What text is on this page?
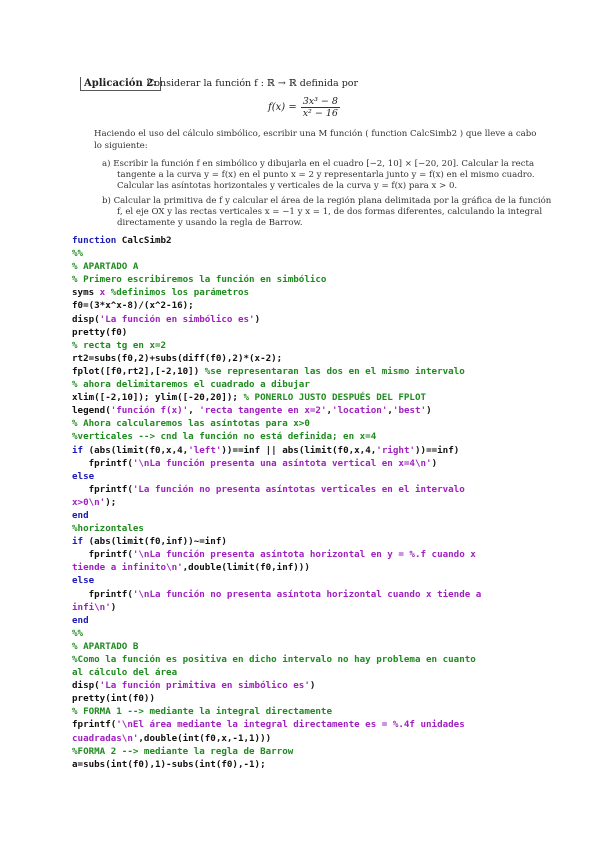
Aplicación 2:
Considerar la función f : ℝ → ℝ definida por
$f(x) = \frac{\text{3x³ − 8}}{\text{x² − 16}}$
Haciendo el uso del cálculo simbólico, escribir una M función ( function CalcSimb2 ) que lleve a cabo
lo siguiente:
a) Escribir la función f en simbólico y dibujarla en el cuadro [−2, 10] × [−20, 20]. Calcular la recta
tangente a la curva y = f(x) en el punto x = 2 y representarla junto y = f(x) en el mismo cuadro.
Calcular las asíntotas horizontales y verticales de la curva y = f(x) para x > 0.
b) Calcular la primitiva de f y calcular el área de la región plana delimitada por la gráfica de la función
f, el eje OX y las rectas verticales x = −1 y x = 1, de dos formas diferentes, calculando la integral
directamente y usando la regla de Barrow.
function CalcSimb2
%%
% APARTADO A
% Primero escribiremos la función en simbólico
syms x %definimos los parámetros
f0=(3*x^x-8)/(x^2-16);
disp('La función en simbólico es')
pretty(f0)
% recta tg en x=2
rt2=subs(f0,2)+subs(diff(f0),2)*(x-2);
fplot([f0,rt2],[-2,10]) %se representaran las dos en el mismo intervalo
% ahora delimitaremos el cuadrado a dibujar
xlim([-2,10]); ylim([-20,20]); % PONERLO JUSTO DESPUÉS DEL FPLOT
legend('función f(x)', 'recta tangente en x=2','location','best')
% Ahora calcularemos las asíntotas para x>0
%verticales --> cnd la función no está definida; en x=4
if (abs(limit(f0,x,4,'left'))==inf || abs(limit(f0,x,4,'right'))==inf)
fprintf('\nLa función presenta una asíntota vertical en x=4\n')
else
fprintf('La función no presenta asíntotas verticales en el intervalo
x>0\n');
end
%horizontales
if (abs(limit(f0,inf))~=inf)
fprintf('\nLa función presenta asíntota horizontal en y = %.f cuando x
tiende a infinito\n',double(limit(f0,inf)))
else
fprintf('\nLa función no presenta asíntota horizontal cuando x tiende a
infi\n')
end
%%
% APARTADO B
%Como la función es positiva en dicho intervalo no hay problema en cuanto
al cálculo del área
disp('La función primitiva en simbólico es')
pretty(int(f0))
% FORMA 1 --> mediante la integral directamente
fprintf('\nEl área mediante la integral directamente es = %.4f unidades
cuadradas\n',double(int(f0,x,-1,1)))
%FORMA 2 --> mediante la regla de Barrow
a=subs(int(f0),1)-subs(int(f0),-1);
